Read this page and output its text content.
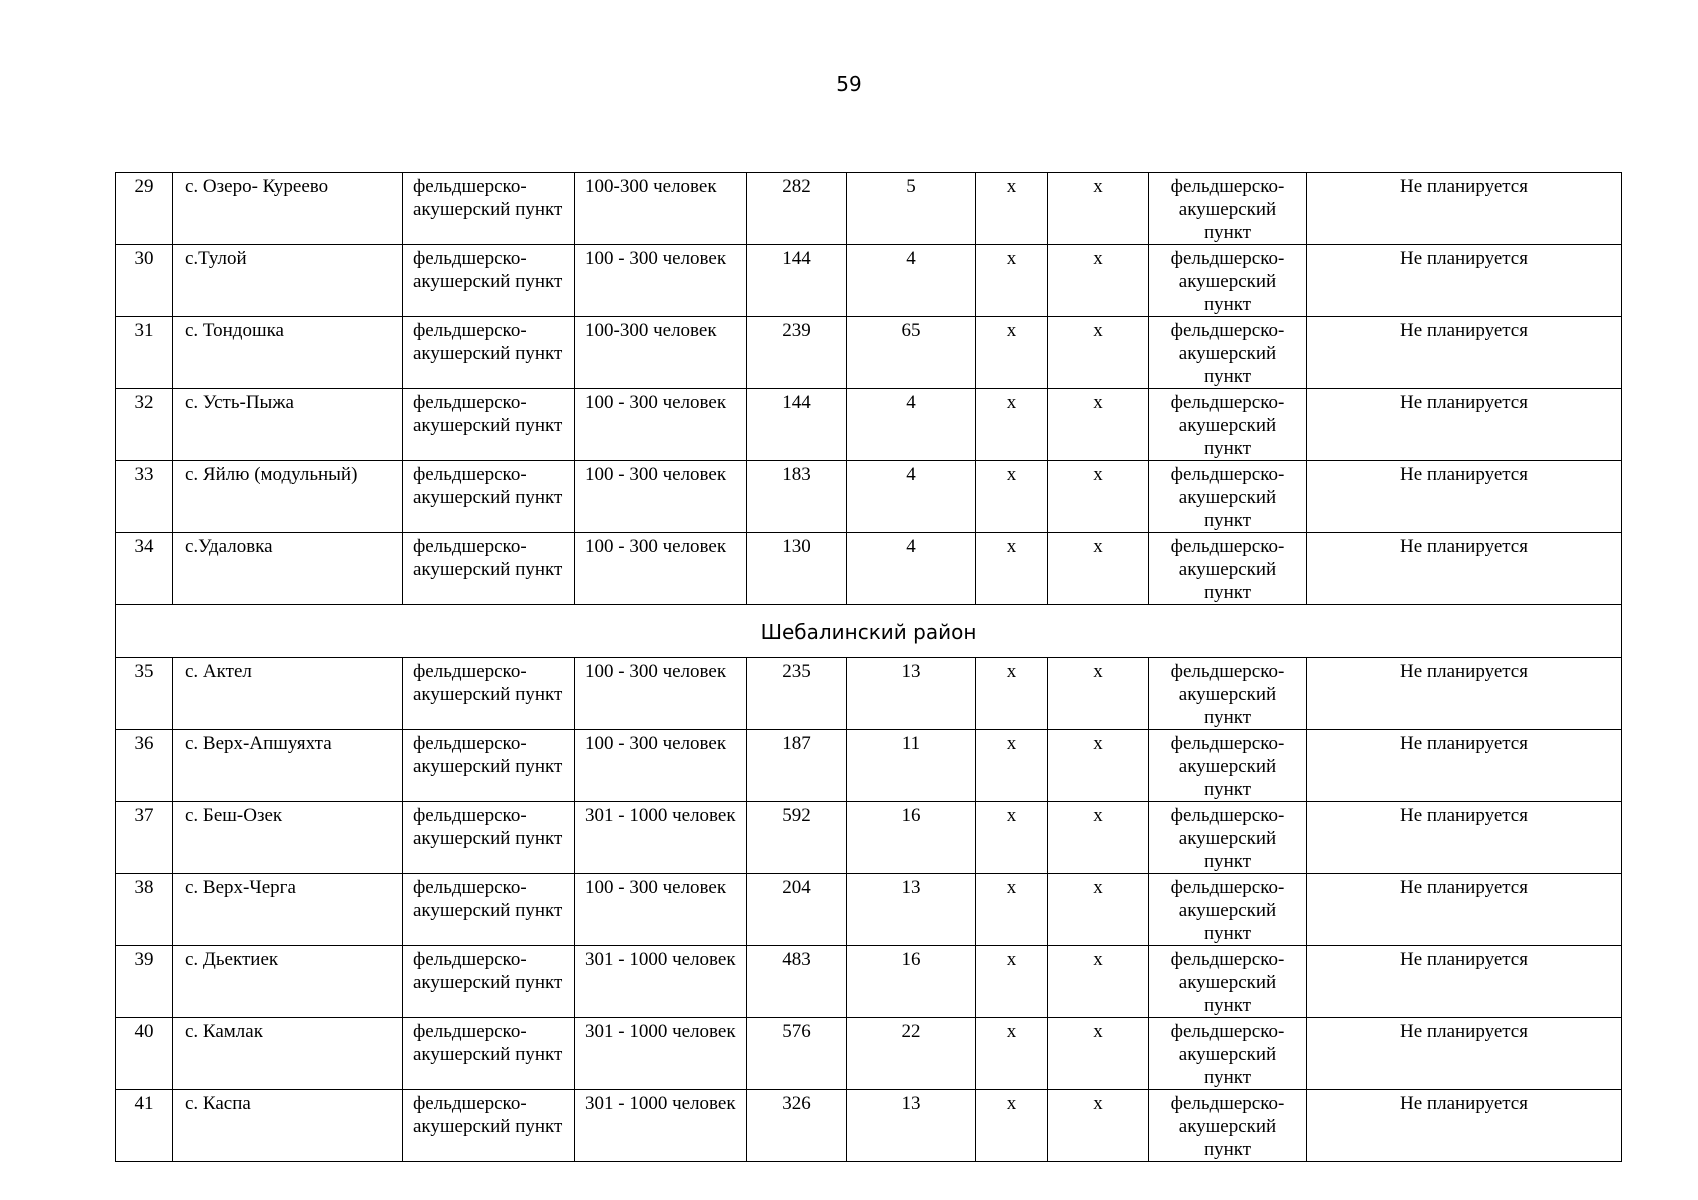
59
29	с. Озеро- Куреево	фельдшерско-акушерский пункт	100-300 человек	282	5	х	х	фельдшерско-акушерский пункт	Не планируется
30	с.Тулой	фельдшерско-акушерский пункт	100 - 300 человек	144	4	х	х	фельдшерско-акушерский пункт	Не планируется
31	с. Тондошка	фельдшерско-акушерский пункт	100-300 человек	239	65	х	х	фельдшерско-акушерский пункт	Не планируется
32	с. Усть-Пыжа	фельдшерско-акушерский пункт	100 - 300 человек	144	4	х	х	фельдшерско-акушерский пункт	Не планируется
33	с. Яйлю (модульный)	фельдшерско-акушерский пункт	100 - 300 человек	183	4	х	х	фельдшерско-акушерский пункт	Не планируется
34	с.Удаловка	фельдшерско-акушерский пункт	100 - 300 человек	130	4	х	х	фельдшерско-акушерский пункт	Не планируется
Шебалинский район									
35	с. Актел	фельдшерско-акушерский пункт	100 - 300 человек	235	13	х	х	фельдшерско-акушерский пункт	Не планируется
36	с. Верх-Апшуяхта	фельдшерско-акушерский пункт	100 - 300 человек	187	11	х	х	фельдшерско-акушерский пункт	Не планируется
37	с. Беш-Озек	фельдшерско-акушерский пункт	301 - 1000 человек	592	16	х	х	фельдшерско-акушерский пункт	Не планируется
38	с. Верх-Черга	фельдшерско-акушерский пункт	100 - 300 человек	204	13	х	х	фельдшерско-акушерский пункт	Не планируется
39	с. Дьектиек	фельдшерско-акушерский пункт	301 - 1000 человек	483	16	х	х	фельдшерско-акушерский пункт	Не планируется
40	с. Камлак	фельдшерско-акушерский пункт	301 - 1000 человек	576	22	х	х	фельдшерско-акушерский пункт	Не планируется
41	с. Каспа	фельдшерско-акушерский пункт	301 - 1000 человек	326	13	х	х	фельдшерско-акушерский пункт	Не планируется
